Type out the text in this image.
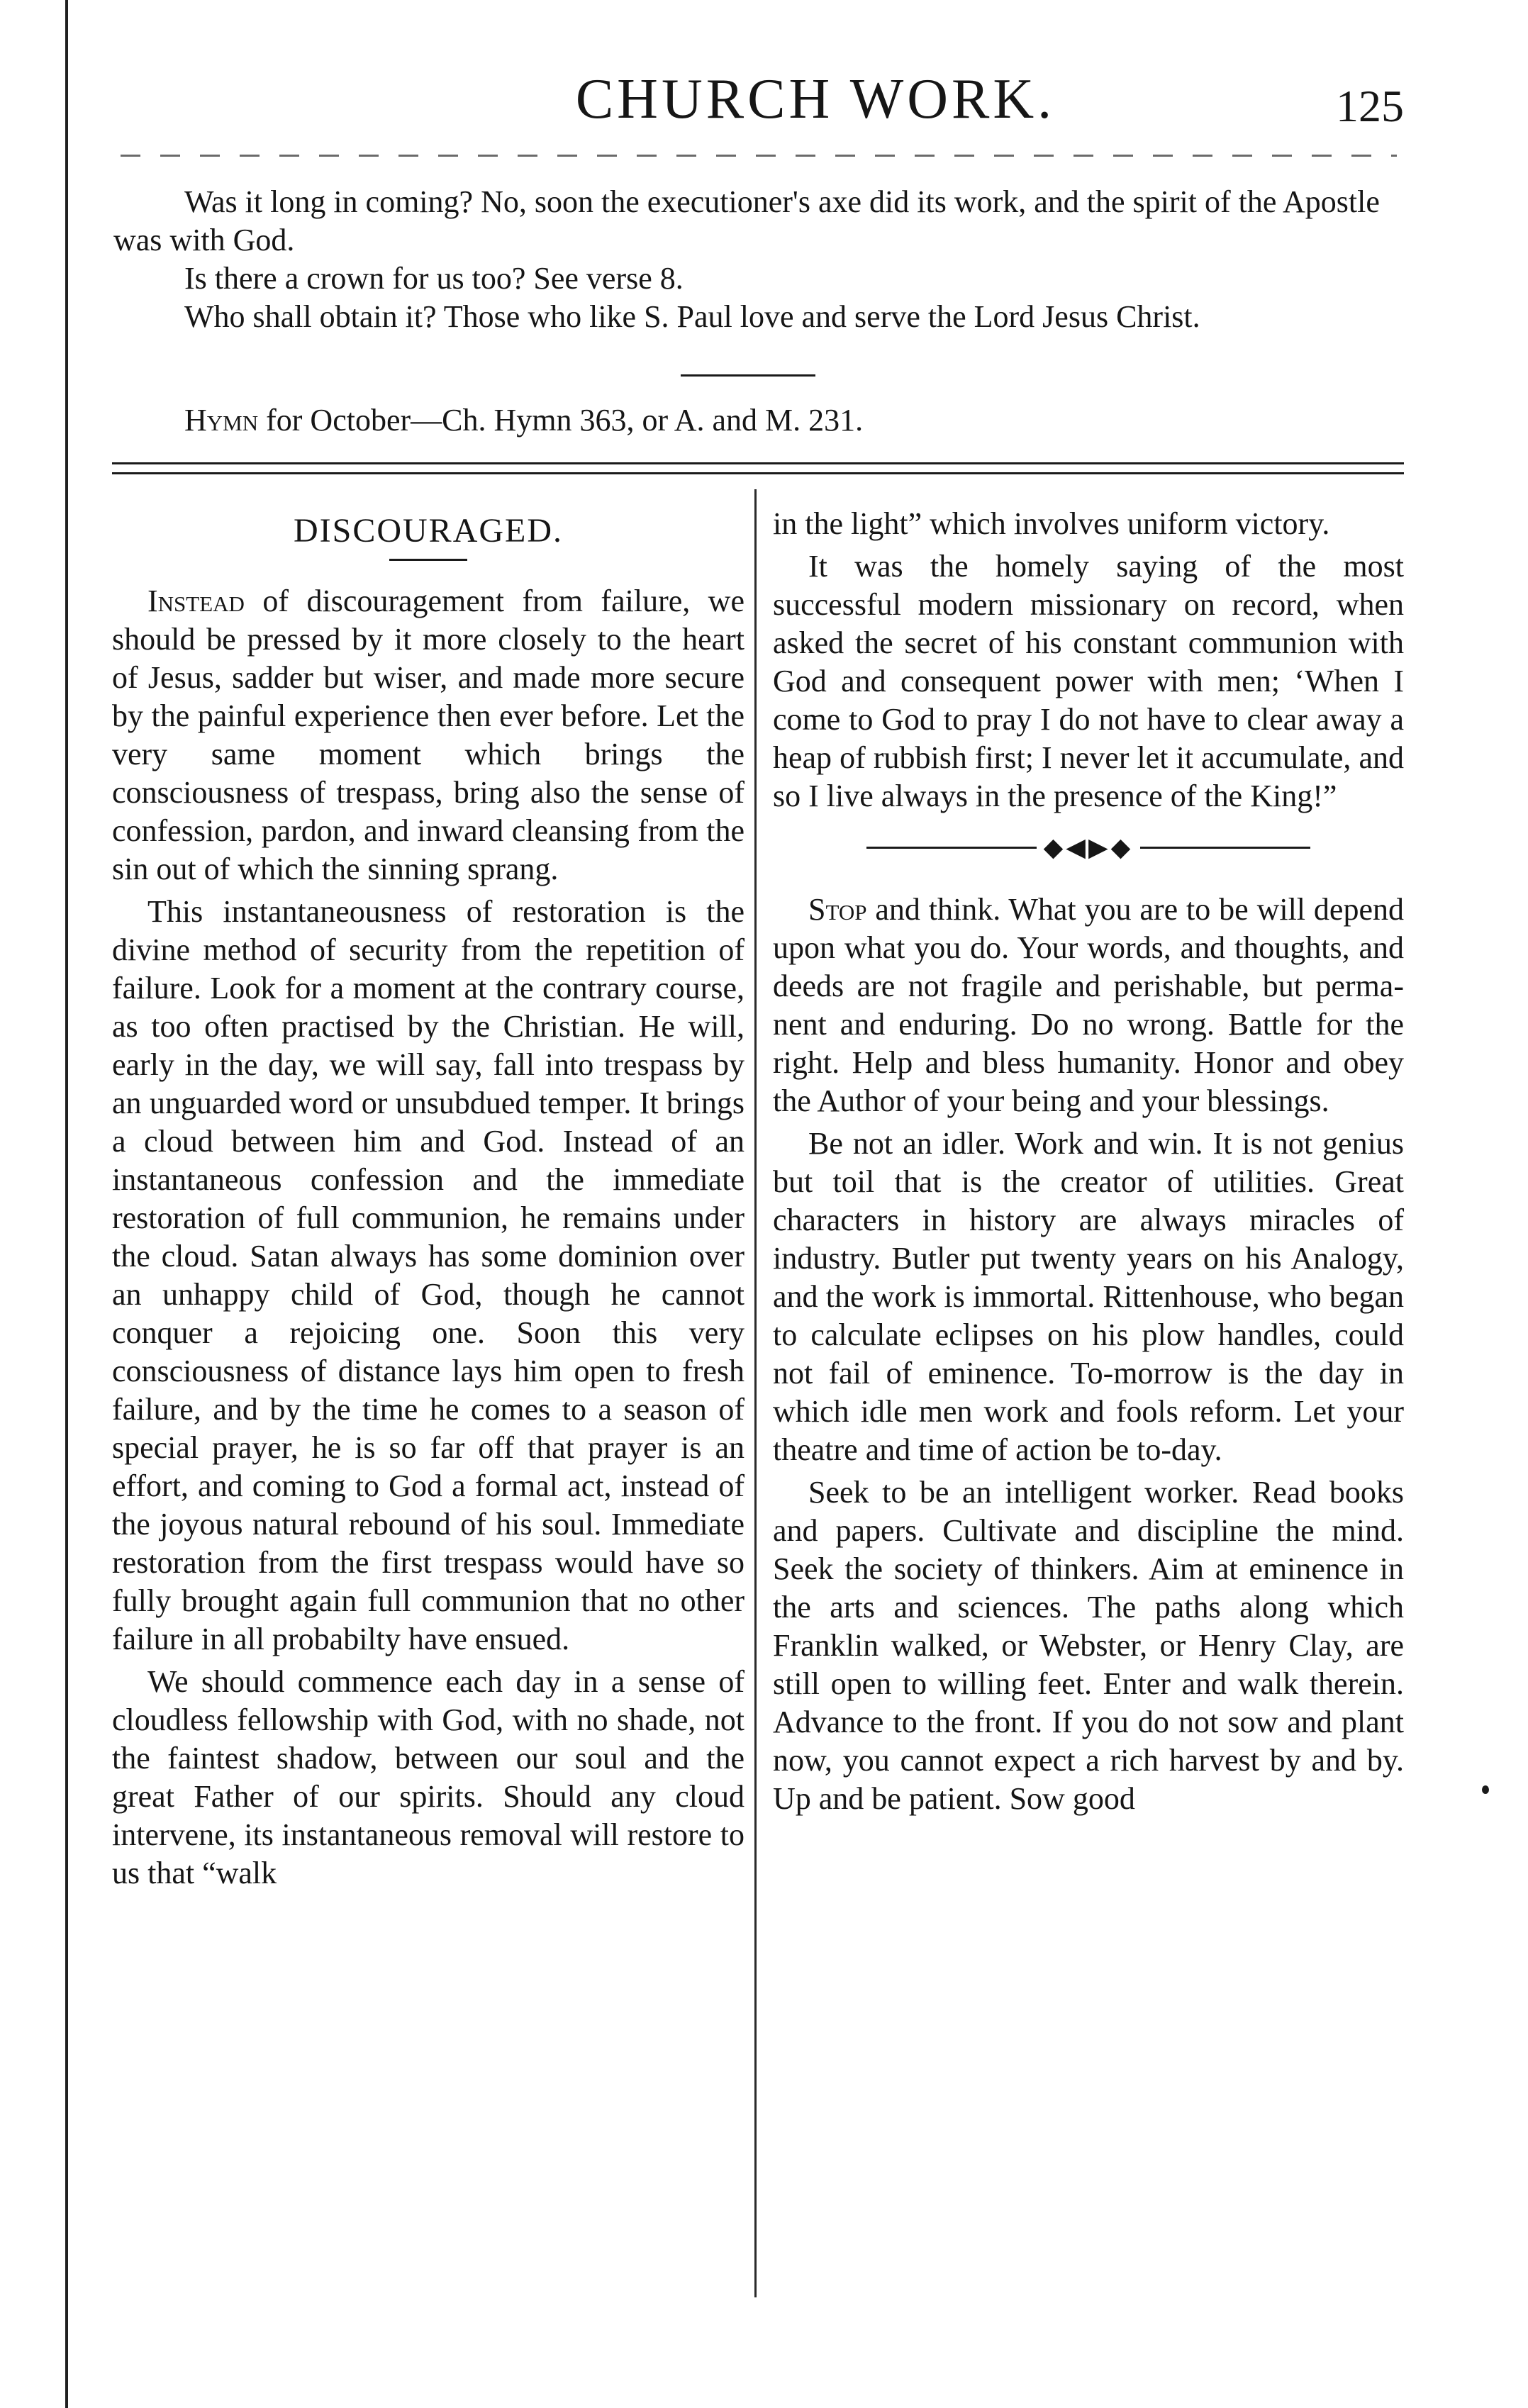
CHURCH WORK.	125

Was it long in coming? No, soon the executioner's axe did its work, and the spirit of the Apostle was with God.

Is there a crown for us too? See verse 8.

Who shall obtain it? Those who like S. Paul love and serve the Lord Jesus Christ.

Hymn for October—Ch. Hymn 363, or A. and M. 231.
DISCOURAGED.

Instead of discouragement from failure, we should be pressed by it more closely to the heart of Jesus, sadder but wiser, and made more secure by the painful experience then ever before. Let the very same moment which brings the consciousness of trespass, bring also the sense of confession, pardon, and inward cleansing from the sin out of which the sinning sprang.

This instantaneousness of restoration is the divine method of security from the repetition of failure. Look for a moment at the contrary course, as too often practised by the Christian. He will, early in the day, we will say, fall into trespass by an unguarded word or unsubdued temper. It brings a cloud between him and God. Instead of an instantaneous confession and the immediate restoration of full communion, he remains under the cloud. Satan always has some dominion over an unhappy child of God, though he cannot conquer a rejoicing one. Soon this very consciousness of distance lays him open to fresh failure, and by the time he comes to a season of special prayer, he is so far off that prayer is an effort, and coming to God a formal act, instead of the joyous natural rebound of his soul. Immediate restoration from the first trespass would have so fully brought again full communion that no other failure in all probabilty have ensued.

We should commence each day in a sense of cloudless fellowship with God, with no shade, not the faintest shadow, between our soul and the great Father of our spirits. Should any cloud intervene, its instantaneous removal will restore to us that “walk

in the light” which involves uniform victory.

It was the homely saying of the most successful modern missionary on record, when asked the secret of his constant communion with God and consequent power with men; ‘When I come to God to pray I do not have to clear away a heap of rubbish first; I never let it accumulate, and so I live always in the presence of the King!”

◆◀▶◆

Stop and think. What you are to be will depend upon what you do. Your words, and thoughts, and deeds are not fragile and perishable, but permanent and enduring. Do no wrong. Battle for the right. Help and bless humanity. Honor and obey the Author of your being and your blessings.

Be not an idler. Work and win. It is not genius but toil that is the creator of utilities. Great characters in history are always miracles of industry. Butler put twenty years on his Analogy, and the work is immortal. Rittenhouse, who began to calculate eclipses on his plow handles, could not fail of eminence. To-morrow is the day in which idle men work and fools reform. Let your theatre and time of action be to-day.

Seek to be an intelligent worker. Read books and papers. Cultivate and discipline the mind. Seek the society of thinkers. Aim at eminence in the arts and sciences. The paths along which Franklin walked, or Webster, or Henry Clay, are still open to willing feet. Enter and walk therein. Advance to the front. If you do not sow and plant now, you cannot expect a rich harvest by and by. Up and be patient. Sow good
